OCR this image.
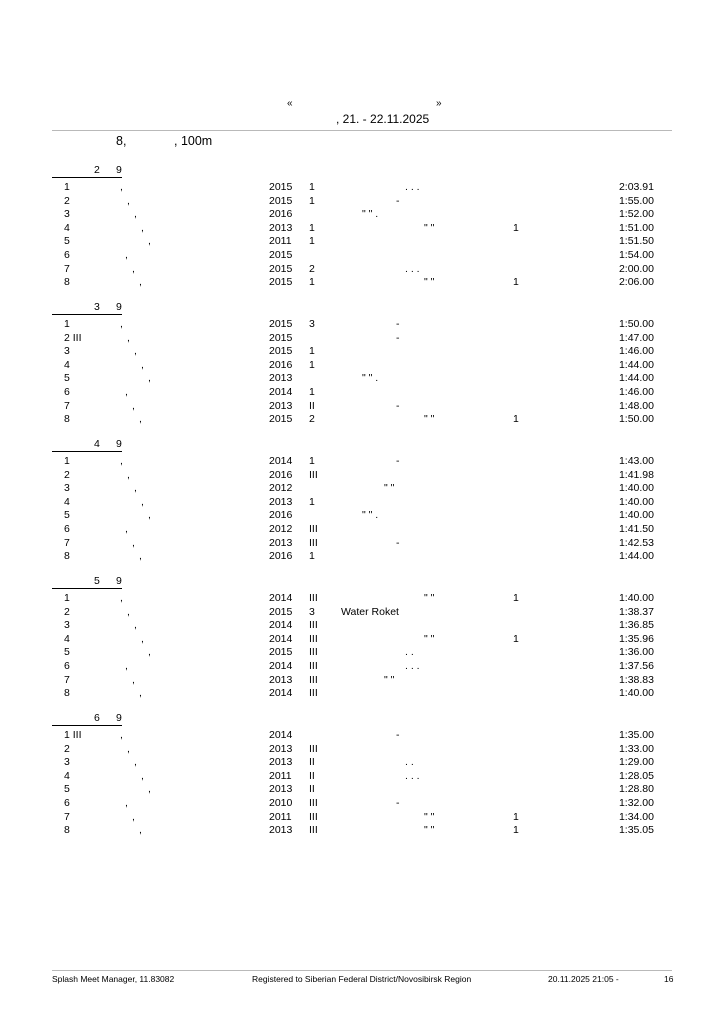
«	»
, 21. - 22.11.2025
8,	, 100m
2 9
1	,	2015 1	. . .	2:03.91
2	,	2015 1	-	1:55.00
3	,	2016	" " .	1:52.00
4	,	2013 1	" "	1	1:51.00
5	,	2011 1	1:51.50
6	,	2015	1:54.00
7	,	2015 2	. . .	2:00.00
8	,	2015 1	" "	1	2:06.00
3 9
1	,	2015 3	-	1:50.00
2 III	,	2015	-	1:47.00
3	,	2015 1	1:46.00
4	,	2016 1	1:44.00
5	,	2013	" " .	1:44.00
6	,	2014 1	1:46.00
7	,	2013 II	-	1:48.00
8	,	2015 2	" "	1	1:50.00
4 9
1	,	2014 1	-	1:43.00
2	,	2016 III	1:41.98
3	,	2012	" "	1:40.00
4	,	2013 1	1:40.00
5	,	2016	" " .	1:40.00
6	,	2012 III	1:41.50
7	,	2013 III	-	1:42.53
8	,	2016 1	1:44.00
5 9
1	,	2014 III	" "	1	1:40.00
2	,	2015 3 Water Roket	1:38.37
3	,	2014 III	1:36.85
4	,	2014 III	" "	1	1:35.96
5	,	2015 III	. .	1:36.00
6	,	2014 III	. . .	1:37.56
7	,	2013 III	" "	1:38.83
8	,	2014 III	1:40.00
6 9
1 III	,	2014	-	1:35.00
2	,	2013 III	1:33.00
3	,	2013 II	. .	1:29.00
4	,	2011 II	. . .	1:28.05
5	,	2013 II	1:28.80
6	,	2010 III	-	1:32.00
7	,	2011 III	" "	1	1:34.00
8	,	2013 III	" "	1	1:35.05
Splash Meet Manager, 11.83082	Registered to Siberian Federal District/Novosibirsk Region	20.11.2025 21:05 -	16
